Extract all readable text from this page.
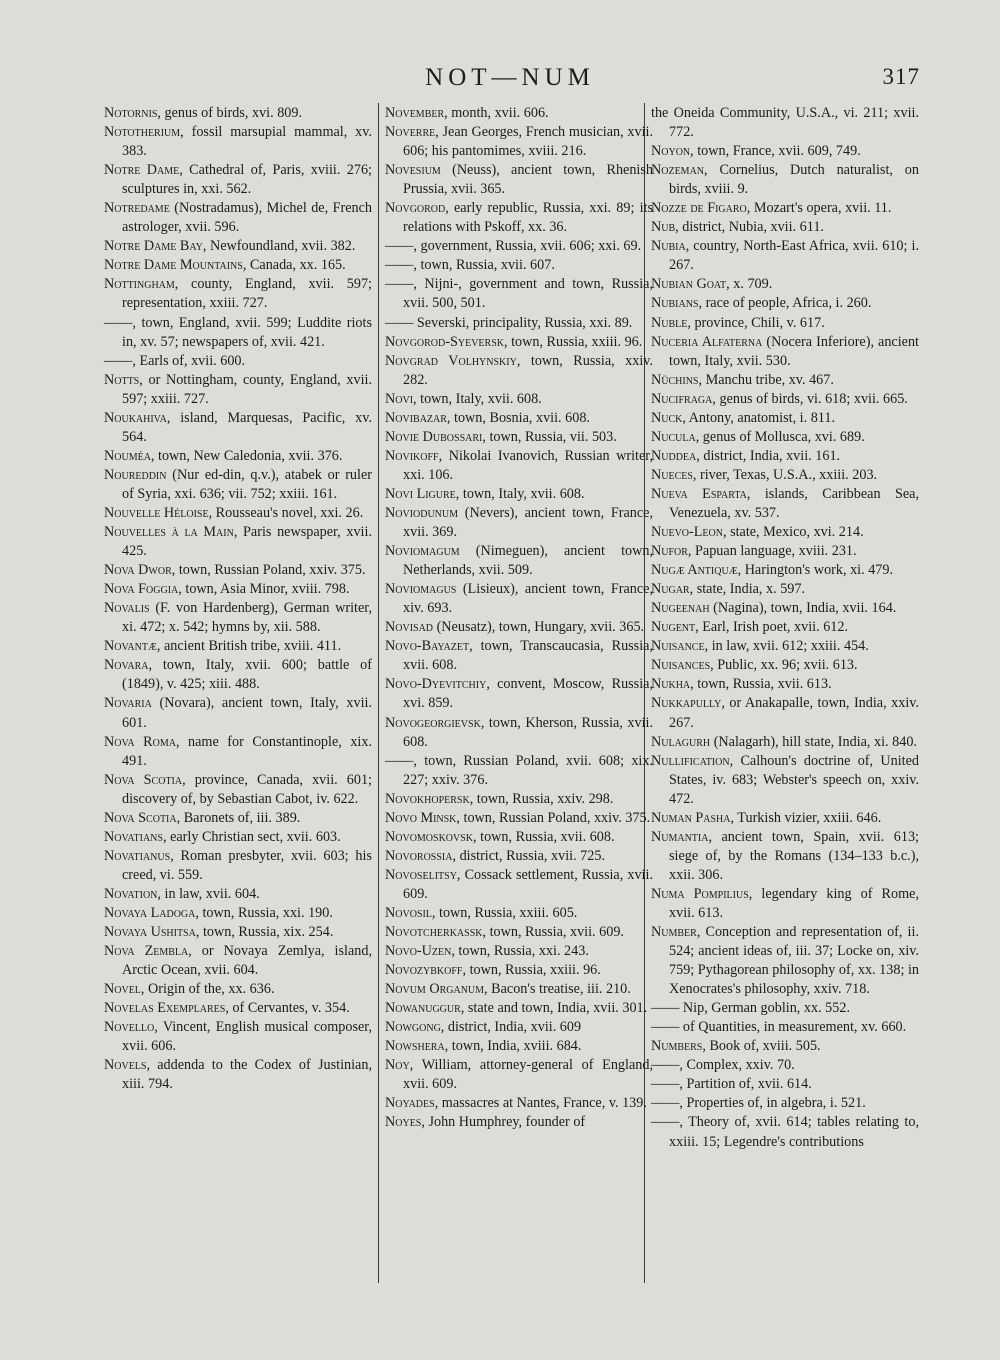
NOT—NUM	317
Notornis, genus of birds, xvi. 809.
Nototherium, fossil marsupial mammal, xv. 383.
Notre Dame, Cathedral of, Paris, xviii. 276; sculptures in, xxi. 562.
Notredame (Nostradamus), Michel de, French astrologer, xvii. 596.
Notre Dame Bay, Newfoundland, xvii. 382.
Notre Dame Mountains, Canada, xx. 165.
Nottingham, county, England, xvii. 597; representation, xxiii. 727.
——, town, England, xvii. 599; Luddite riots in, xv. 57; newspapers of, xvii. 421.
——, Earls of, xvii. 600.
Notts, or Nottingham, county, England, xvii. 597; xxiii. 727.
Noukahiva, island, Marquesas, Pacific, xv. 564.
Nouméa, town, New Caledonia, xvii. 376.
Noureddin (Nur ed-din, q.v.), atabek or ruler of Syria, xxi. 636; vii. 752; xxiii. 161.
Nouvelle Héloise, Rousseau's novel, xxi. 26.
Nouvelles à la Main, Paris newspaper, xvii. 425.
Nova Dwor, town, Russian Poland, xxiv. 375.
Nova Foggia, town, Asia Minor, xviii. 798.
Novalis (F. von Hardenberg), German writer, xi. 472; x. 542; hymns by, xii. 588.
Novantæ, ancient British tribe, xviii. 411.
Novara, town, Italy, xvii. 600; battle of (1849), v. 425; xiii. 488.
Novaria (Novara), ancient town, Italy, xvii. 601.
Nova Roma, name for Constantinople, xix. 491.
Nova Scotia, province, Canada, xvii. 601; discovery of, by Sebastian Cabot, iv. 622.
Nova Scotia, Baronets of, iii. 389.
Novatians, early Christian sect, xvii. 603.
Novatianus, Roman presbyter, xvii. 603; his creed, vi. 559.
Novation, in law, xvii. 604.
Novaya Ladoga, town, Russia, xxi. 190.
Novaya Ushitsa, town, Russia, xix. 254.
Nova Zembla, or Novaya Zemlya, island, Arctic Ocean, xvii. 604.
Novel, Origin of the, xx. 636.
Novelas Exemplares, of Cervantes, v. 354.
Novello, Vincent, English musical composer, xvii. 606.
Novels, addenda to the Codex of Justinian, xiii. 794.
November, month, xvii. 606.
Noverre, Jean Georges, French musician, xvii. 606; his pantomimes, xviii. 216.
Novesium (Neuss), ancient town, Rhenish Prussia, xvii. 365.
Novgorod, early republic, Russia, xxi. 89; its relations with Pskoff, xx. 36.
——, government, Russia, xvii. 606; xxi. 69.
——, town, Russia, xvii. 607.
——, Nijni-, government and town, Russia, xvii. 500, 501.
—— Severski, principality, Russia, xxi. 89.
Novgorod-Syeversk, town, Russia, xxiii. 96.
Novgrad Volhynskiy, town, Russia, xxiv. 282.
Novi, town, Italy, xvii. 608.
Novibazar, town, Bosnia, xvii. 608.
Novie Dubossari, town, Russia, vii. 503.
Novikoff, Nikolai Ivanovich, Russian writer, xxi. 106.
Novi Ligure, town, Italy, xvii. 608.
Noviodunum (Nevers), ancient town, France, xvii. 369.
Noviomagum (Nimeguen), ancient town, Netherlands, xvii. 509.
Noviomagus (Lisieux), ancient town, France, xiv. 693.
Novisad (Neusatz), town, Hungary, xvii. 365.
Novo-Bayazet, town, Transcaucasia, Russia, xvii. 608.
Novo-Dyevitchiy, convent, Moscow, Russia, xvi. 859.
Novogeorgievsk, town, Kherson, Russia, xvii. 608.
——, town, Russian Poland, xvii. 608; xix. 227; xxiv. 376.
Novokhopersk, town, Russia, xxiv. 298.
Novo Minsk, town, Russian Poland, xxiv. 375.
Novomoskovsk, town, Russia, xvii. 608.
Novorossia, district, Russia, xvii. 725.
Novoselitsy, Cossack settlement, Russia, xvii. 609.
Novosil, town, Russia, xxiii. 605.
Novotcherkassk, town, Russia, xvii. 609.
Novo-Uzen, town, Russia, xxi. 243.
Novozybkoff, town, Russia, xxiii. 96.
Novum Organum, Bacon's treatise, iii. 210.
Nowanuggur, state and town, India, xvii. 301.
Nowgong, district, India, xvii. 609
Nowshera, town, India, xviii. 684.
Noy, William, attorney-general of England, xvii. 609.
Noyades, massacres at Nantes, France, v. 139.
Noyes, John Humphrey, founder of
the Oneida Community, U.S.A., vi. 211; xvii. 772.
Noyon, town, France, xvii. 609, 749.
Nozeman, Cornelius, Dutch naturalist, on birds, xviii. 9.
Nozze de Figaro, Mozart's opera, xvii. 11.
Nub, district, Nubia, xvii. 611.
Nubia, country, North-East Africa, xvii. 610; i. 267.
Nubian Goat, x. 709.
Nubians, race of people, Africa, i. 260.
Nuble, province, Chili, v. 617.
Nuceria Alfaterna (Nocera Inferiore), ancient town, Italy, xvii. 530.
Nüchins, Manchu tribe, xv. 467.
Nucifraga, genus of birds, vi. 618; xvii. 665.
Nuck, Antony, anatomist, i. 811.
Nucula, genus of Mollusca, xvi. 689.
Nuddea, district, India, xvii. 161.
Nueces, river, Texas, U.S.A., xxiii. 203.
Nueva Esparta, islands, Caribbean Sea, Venezuela, xv. 537.
Nuevo-Leon, state, Mexico, xvi. 214.
Nufor, Papuan language, xviii. 231.
Nugæ Antiquæ, Harington's work, xi. 479.
Nugar, state, India, x. 597.
Nugeenah (Nagina), town, India, xvii. 164.
Nugent, Earl, Irish poet, xvii. 612.
Nuisance, in law, xvii. 612; xxiii. 454.
Nuisances, Public, xx. 96; xvii. 613.
Nukha, town, Russia, xvii. 613.
Nukkapully, or Anakapalle, town, India, xxiv. 267.
Nulagurh (Nalagarh), hill state, India, xi. 840.
Nullification, Calhoun's doctrine of, United States, iv. 683; Webster's speech on, xxiv. 472.
Numan Pasha, Turkish vizier, xxiii. 646.
Numantia, ancient town, Spain, xvii. 613; siege of, by the Romans (134–133 b.c.), xxii. 306.
Numa Pompilius, legendary king of Rome, xvii. 613.
Number, Conception and representation of, ii. 524; ancient ideas of, iii. 37; Locke on, xiv. 759; Pythagorean philosophy of, xx. 138; in Xenocrates's philosophy, xxiv. 718.
—— Nip, German goblin, xx. 552.
—— of Quantities, in measurement, xv. 660.
Numbers, Book of, xviii. 505.
——, Complex, xxiv. 70.
——, Partition of, xvii. 614.
——, Properties of, in algebra, i. 521.
——, Theory of, xvii. 614; tables relating to, xxiii. 15; Legendre's contributions
